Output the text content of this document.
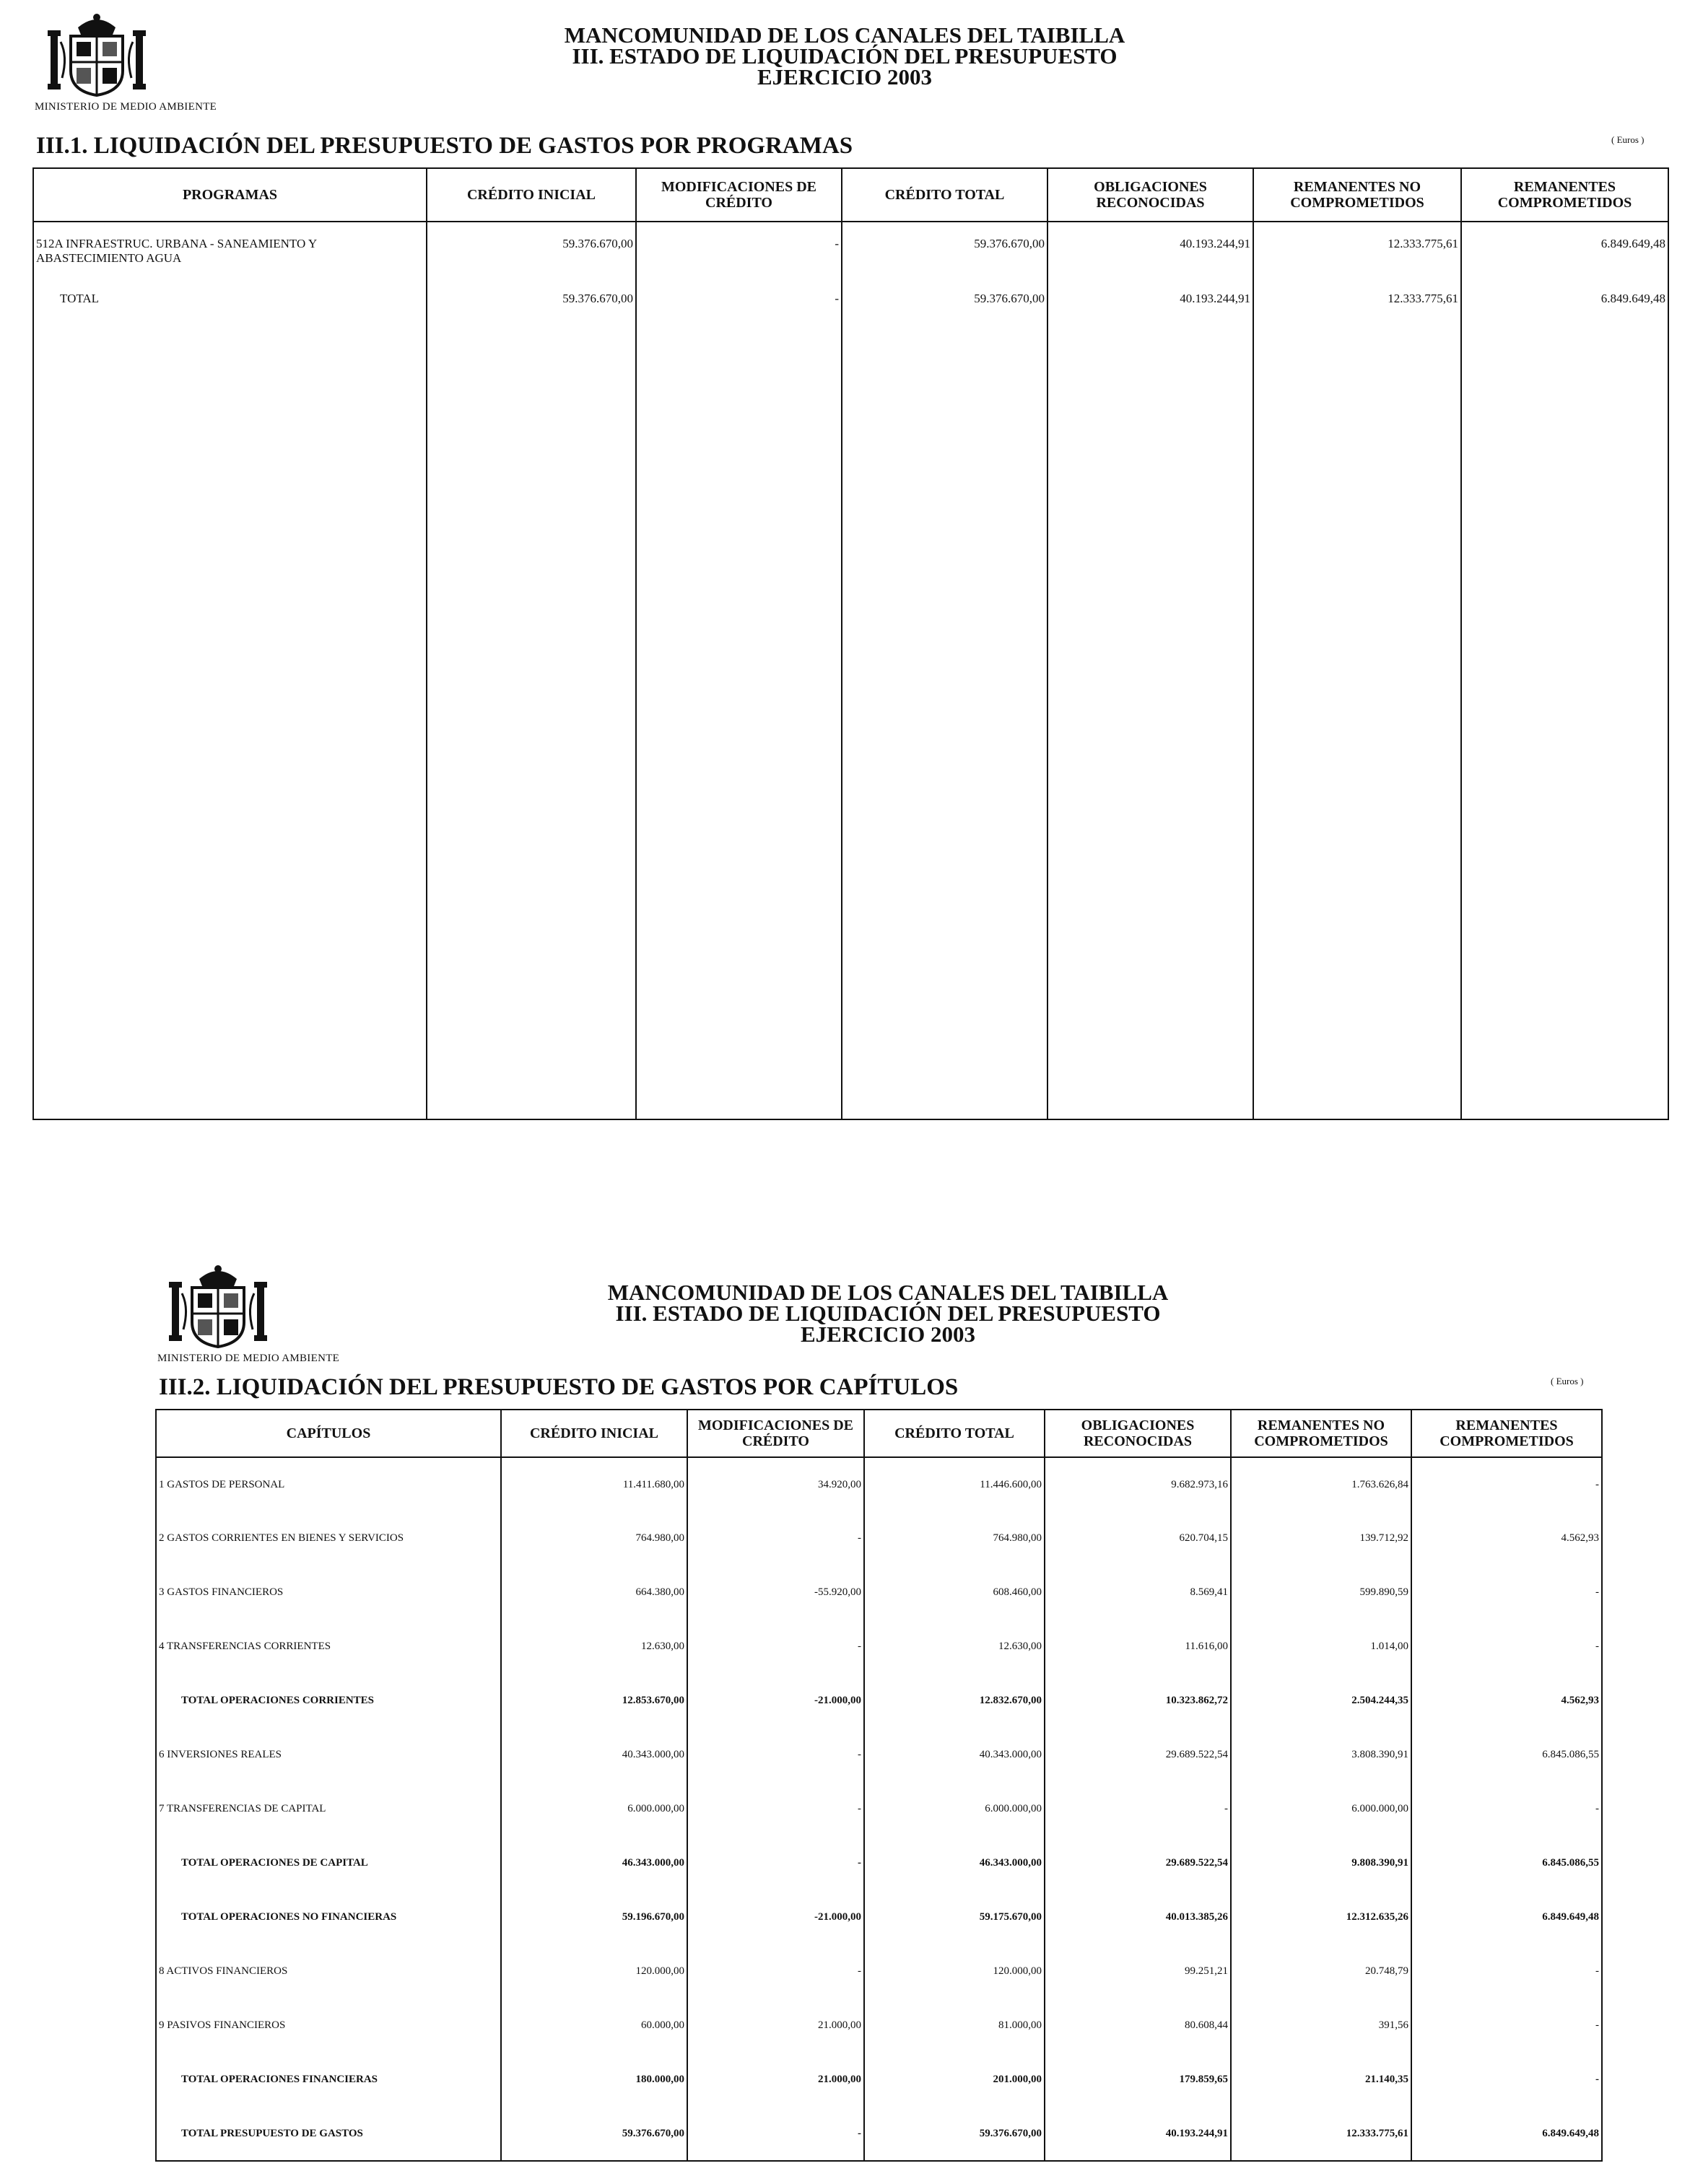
MINISTERIO DE MEDIO AMBIENTE
MANCOMUNIDAD DE LOS CANALES DEL TAIBILLA
III. ESTADO DE LIQUIDACIÓN DEL PRESUPUESTO
EJERCICIO 2003
III.1. LIQUIDACIÓN DEL PRESUPUESTO DE GASTOS POR PROGRAMAS	( Euros )
PROGRAMAS	CRÉDITO INICIAL	MODIFICACIONES DE CRÉDITO	CRÉDITO TOTAL	OBLIGACIONES RECONOCIDAS	REMANENTES NO COMPROMETIDOS	REMANENTES COMPROMETIDOS
512A INFRAESTRUC. URBANA - SANEAMIENTO Y ABASTECIMIENTO AGUA	59.376.670,00	-	59.376.670,00	40.193.244,91	12.333.775,61	6.849.649,48
TOTAL	59.376.670,00	-	59.376.670,00	40.193.244,91	12.333.775,61	6.849.649,48

MINISTERIO DE MEDIO AMBIENTE
MANCOMUNIDAD DE LOS CANALES DEL TAIBILLA
III. ESTADO DE LIQUIDACIÓN DEL PRESUPUESTO
EJERCICIO 2003
III.2. LIQUIDACIÓN DEL PRESUPUESTO DE GASTOS POR CAPÍTULOS	( Euros )
CAPÍTULOS	CRÉDITO INICIAL	MODIFICACIONES DE CRÉDITO	CRÉDITO TOTAL	OBLIGACIONES RECONOCIDAS	REMANENTES NO COMPROMETIDOS	REMANENTES COMPROMETIDOS
1 GASTOS DE PERSONAL	11.411.680,00	34.920,00	11.446.600,00	9.682.973,16	1.763.626,84	-
2 GASTOS CORRIENTES EN BIENES Y SERVICIOS	764.980,00	-	764.980,00	620.704,15	139.712,92	4.562,93
3 GASTOS FINANCIEROS	664.380,00	-55.920,00	608.460,00	8.569,41	599.890,59	-
4 TRANSFERENCIAS CORRIENTES	12.630,00	-	12.630,00	11.616,00	1.014,00	-
TOTAL OPERACIONES CORRIENTES	12.853.670,00	-21.000,00	12.832.670,00	10.323.862,72	2.504.244,35	4.562,93
6 INVERSIONES REALES	40.343.000,00	-	40.343.000,00	29.689.522,54	3.808.390,91	6.845.086,55
7 TRANSFERENCIAS DE CAPITAL	6.000.000,00	-	6.000.000,00	-	6.000.000,00	-
TOTAL OPERACIONES DE CAPITAL	46.343.000,00	-	46.343.000,00	29.689.522,54	9.808.390,91	6.845.086,55
TOTAL OPERACIONES NO FINANCIERAS	59.196.670,00	-21.000,00	59.175.670,00	40.013.385,26	12.312.635,26	6.849.649,48
8 ACTIVOS FINANCIEROS	120.000,00	-	120.000,00	99.251,21	20.748,79	-
9 PASIVOS FINANCIEROS	60.000,00	21.000,00	81.000,00	80.608,44	391,56	-
TOTAL OPERACIONES FINANCIERAS	180.000,00	21.000,00	201.000,00	179.859,65	21.140,35	-
TOTAL PRESUPUESTO DE GASTOS	59.376.670,00	-	59.376.670,00	40.193.244,91	12.333.775,61	6.849.649,48
